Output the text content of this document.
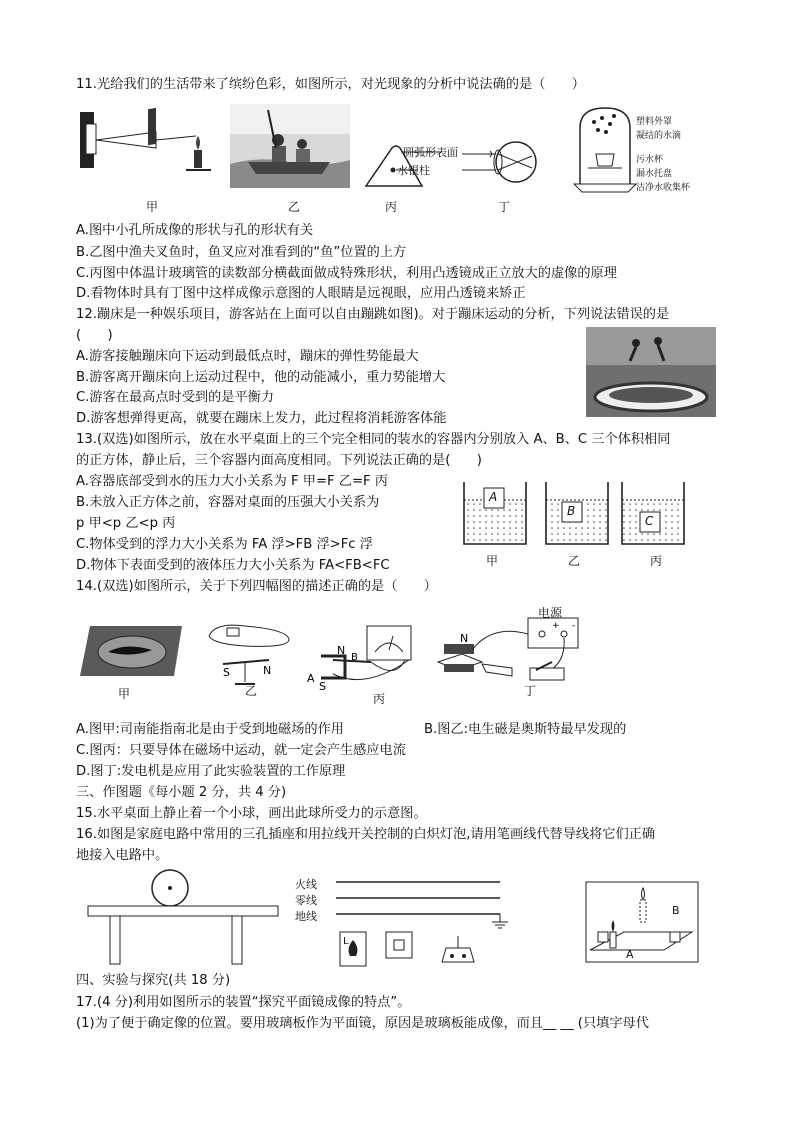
11.光给我们的生活带来了缤纷色彩，如图所示，对光现象的分析中说法确的是（　　）
甲	乙
圆弧形表面
水银柱
丙	丁
塑料外罩
凝结的水滴
污水杯
漏水托盘
洁净水收集杯
A.图中小孔所成像的形状与孔的形状有关
B.乙图中渔夫叉鱼时，鱼叉应对准看到的“鱼”位置的上方
C.丙图中体温计玻璃管的读数部分横截面做成特殊形状，利用凸透镜成正立放大的虚像的原理
D.看物体时具有丁图中这样成像示意图的人眼睛是远视眼，应用凸透镜来矫正
12.蹦床是一种娱乐项目，游客站在上面可以自由蹦跳如图)。对于蹦床运动的分析，下列说法错误的是
(　　)
A.游客接触蹦床向下运动到最低点时，蹦床的弹性势能最大
B.游客离开蹦床向上运动过程中，他的动能减小，重力势能增大
C.游客在最高点时受到的是平衡力
D.游客想弹得更高，就要在蹦床上发力，此过程将消耗游客体能
13.(双选)如图所示，放在水平桌面上的三个完全相同的装水的容器内分别放入 A、B、C 三个体积相同
的正方体，静止后，三个容器内面高度相同。下列说法正确的是(　　)
A.容器底部受到水的压力大小关系为 F 甲=F 乙=F 丙
B.未放入正方体之前，容器对桌面的压强大小关系为
p 甲<p 乙<p 丙
C.物体受到的浮力大小关系为 FA 浮>FB 浮>Fc 浮
D.物体下表面受到的液体压力大小关系为 FA<FB<FC
A
B
C
甲	乙	丙
14.(双选)如图所示，关于下列四幅图的描述正确的是（　　）
甲
S	N
乙
N
B
A
S
丙
+ -
N
电源
丁
A.图甲:司南能指南北是由于受到地磁场的作用	B.图乙:电生磁是奥斯特最早发现的
C.图丙：只要导体在磁场中运动，就一定会产生感应电流
D.图丁:发电机是应用了此实验装置的工作原理
三、作图题《每小题 2 分，共 4 分)
15.水平桌面上静止着一个小球，画出此球所受力的示意图。
16.如图是家庭电路中常用的三孔插座和用拉线开关控制的白炽灯泡,请用笔画线代替导线将它们正确
地接入电路中。
火线
零线
地线
L
B
A
四、实验与探究(共 18 分)
17.(4 分)利用如图所示的装置“探究平面镜成像的特点”。
(1)为了便于确定像的位置。要用玻璃板作为平面镜，原因是玻璃板能成像，而且__ __ (只填字母代
